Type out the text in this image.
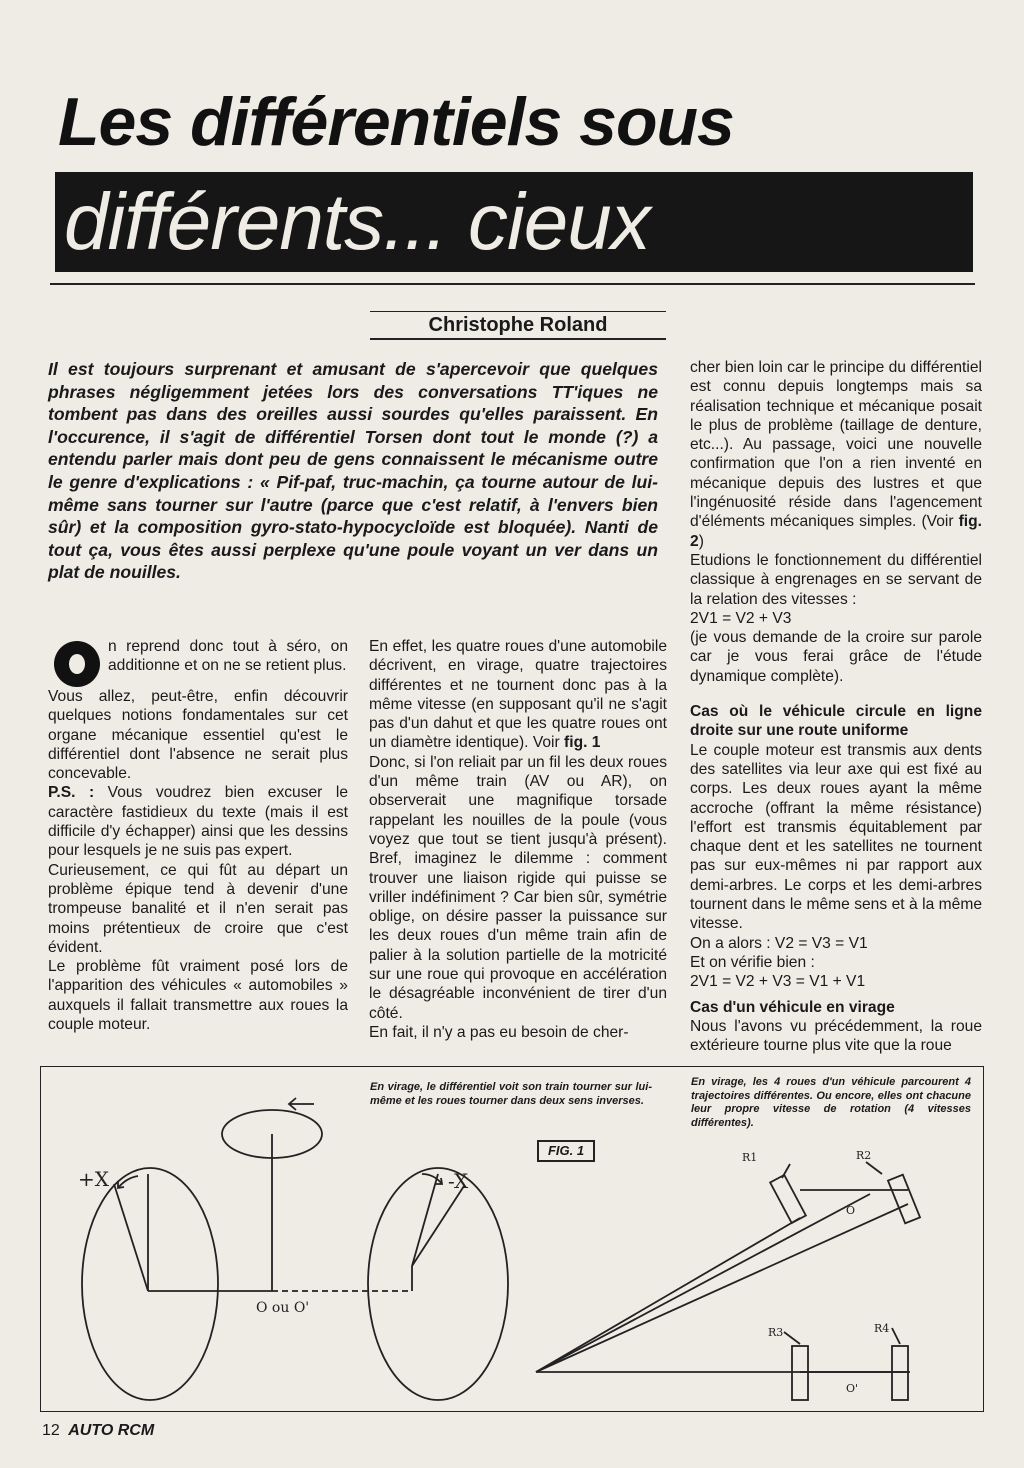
Les différentiels sous
différents... cieux
Christophe Roland

Il est toujours surprenant et amusant de s'apercevoir que quelques phrases négligemment jetées lors des conversations TT'iques ne tombent pas dans des oreilles aussi sourdes qu'elles paraissent. En l'occurence, il s'agit de différentiel Torsen dont tout le monde (?) a entendu parler mais dont peu de gens connaissent le mécanisme outre le genre d'explications : « Pif-paf, truc-machin, ça tourne autour de lui-même sans tourner sur l'autre (parce que c'est relatif, à l'envers bien sûr) et la composition gyro-stato-hypocycloïde est bloquée). Nanti de tout ça, vous êtes aussi perplexe qu'une poule voyant un ver dans un plat de nouilles.

n reprend donc tout à séro, on additionne et on ne se retient plus.

Vous allez, peut-être, enfin découvrir quelques notions fondamentales sur cet organe mécanique essentiel qu'est le différentiel dont l'absence ne serait plus concevable.

P.S. : Vous voudrez bien excuser le caractère fastidieux du texte (mais il est difficile d'y échapper) ainsi que les dessins pour lesquels je ne suis pas expert.

Curieusement, ce qui fût au départ un problème épique tend à devenir d'une trompeuse banalité et il n'en serait pas moins prétentieux de croire que c'est évident.

Le problème fût vraiment posé lors de l'apparition des véhicules « automobiles » auxquels il fallait transmettre aux roues la couple moteur.

En effet, les quatre roues d'une automobile décrivent, en virage, quatre trajectoires différentes et ne tournent donc pas à la même vitesse (en supposant qu'il ne s'agit pas d'un dahut et que les quatre roues ont un diamètre identique). Voir fig. 1

Donc, si l'on reliait par un fil les deux roues d'un même train (AV ou AR), on observerait une magnifique torsade rappelant les nouilles de la poule (vous voyez que tout se tient jusqu'à présent). Bref, imaginez le dilemme : comment trouver une liaison rigide qui puisse se vriller indéfiniment ? Car bien sûr, symétrie oblige, on désire passer la puissance sur les deux roues d'un même train afin de palier à la solution partielle de la motricité sur une roue qui provoque en accélération le désagréable inconvénient de tirer d'un côté.

En fait, il n'y a pas eu besoin de cher-

cher bien loin car le principe du différentiel est connu depuis longtemps mais sa réalisation technique et mécanique posait le plus de problème (taillage de denture, etc...). Au passage, voici une nouvelle confirmation que l'on a rien inventé en mécanique depuis des lustres et que l'ingénuosité réside dans l'agencement d'éléments mécaniques simples. (Voir fig. 2)

Etudions le fonctionnement du différentiel classique à engrenages en se servant de la relation des vitesses :

2V1 = V2 + V3

(je vous demande de la croire sur parole car je vous ferai grâce de l'étude dynamique complète).

Cas où le véhicule circule en ligne droite sur une route uniforme

Le couple moteur est transmis aux dents des satellites via leur axe qui est fixé au corps. Les deux roues ayant la même accroche (offrant la même résistance) l'effort est transmis équitablement par chaque dent et les satellites ne tournent pas sur eux-mêmes ni par rapport aux demi-arbres. Le corps et les demi-arbres tournent dans le même sens et à la même vitesse.

On a alors : V2 = V3 = V1

Et on vérifie bien :

2V1 = V2 + V3 = V1 + V1

Cas d'un véhicule en virage

Nous l'avons vu précédemment, la roue extérieure tourne plus vite que la roue

+X	-X
O ou O'
R1	R2
R3	R4
O
O'
En virage, le différentiel voit son train tourner sur lui-même et les roues tourner dans deux sens inverses.
En virage, les 4 roues d'un véhicule parcourent 4 trajectoires différentes. Ou encore, elles ont chacune leur propre vitesse de rotation (4 vitesses différentes).
FIG. 1
12 AUTO RCM
